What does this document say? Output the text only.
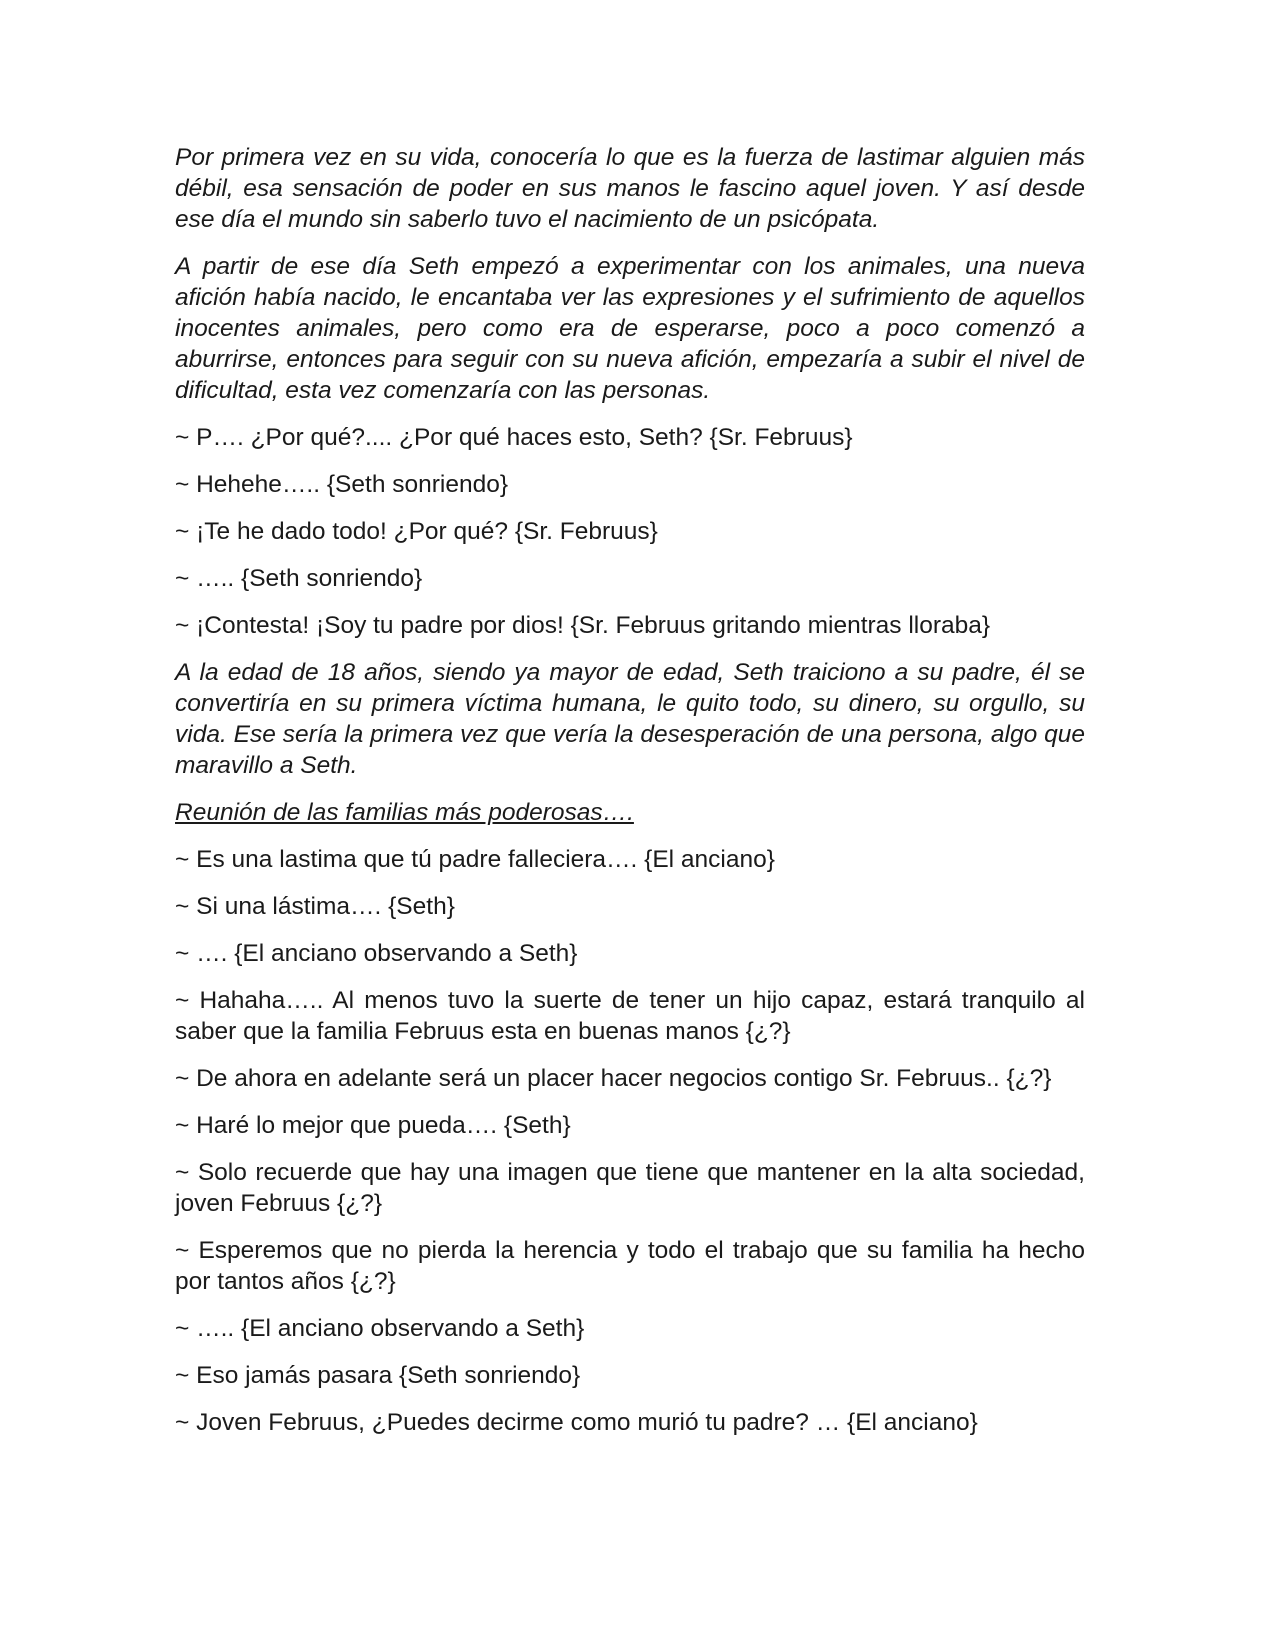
Por primera vez en su vida, conocería lo que es la fuerza de lastimar alguien más débil, esa sensación de poder en sus manos le fascino aquel joven. Y así desde ese día el mundo sin saberlo tuvo el nacimiento de un psicópata.

A partir de ese día Seth empezó a experimentar con los animales, una nueva afición había nacido, le encantaba ver las expresiones y el sufrimiento de aquellos inocentes animales, pero como era de esperarse, poco a poco comenzó a aburrirse, entonces para seguir con su nueva afición, empezaría a subir el nivel de dificultad, esta vez comenzaría con las personas.

~ P…. ¿Por qué?.... ¿Por qué haces esto, Seth? {Sr. Februus}

~ Hehehe….. {Seth sonriendo}

~ ¡Te he dado todo! ¿Por qué? {Sr. Februus}

~ ….. {Seth sonriendo}

~ ¡Contesta! ¡Soy tu padre por dios! {Sr. Februus gritando mientras lloraba}

A la edad de 18 años, siendo ya mayor de edad, Seth traiciono a su padre, él se convertiría en su primera víctima humana, le quito todo, su dinero, su orgullo, su vida. Ese sería la primera vez que vería la desesperación de una persona, algo que maravillo a Seth.

Reunión de las familias más poderosas….

~ Es una lastima que tú padre falleciera…. {El anciano}

~ Si una lástima…. {Seth}

~ …. {El anciano observando a Seth}

~ Hahaha….. Al menos tuvo la suerte de tener un hijo capaz, estará tranquilo al saber que la familia Februus esta en buenas manos {¿?}

~ De ahora en adelante será un placer hacer negocios contigo Sr. Februus.. {¿?}

~ Haré lo mejor que pueda…. {Seth}

~ Solo recuerde que hay una imagen que tiene que mantener en la alta sociedad, joven Februus {¿?}

~ Esperemos que no pierda la herencia y todo el trabajo que su familia ha hecho por tantos años {¿?}

~ ….. {El anciano observando a Seth}

~ Eso jamás pasara {Seth sonriendo}

~ Joven Februus, ¿Puedes decirme como murió tu padre? … {El anciano}
